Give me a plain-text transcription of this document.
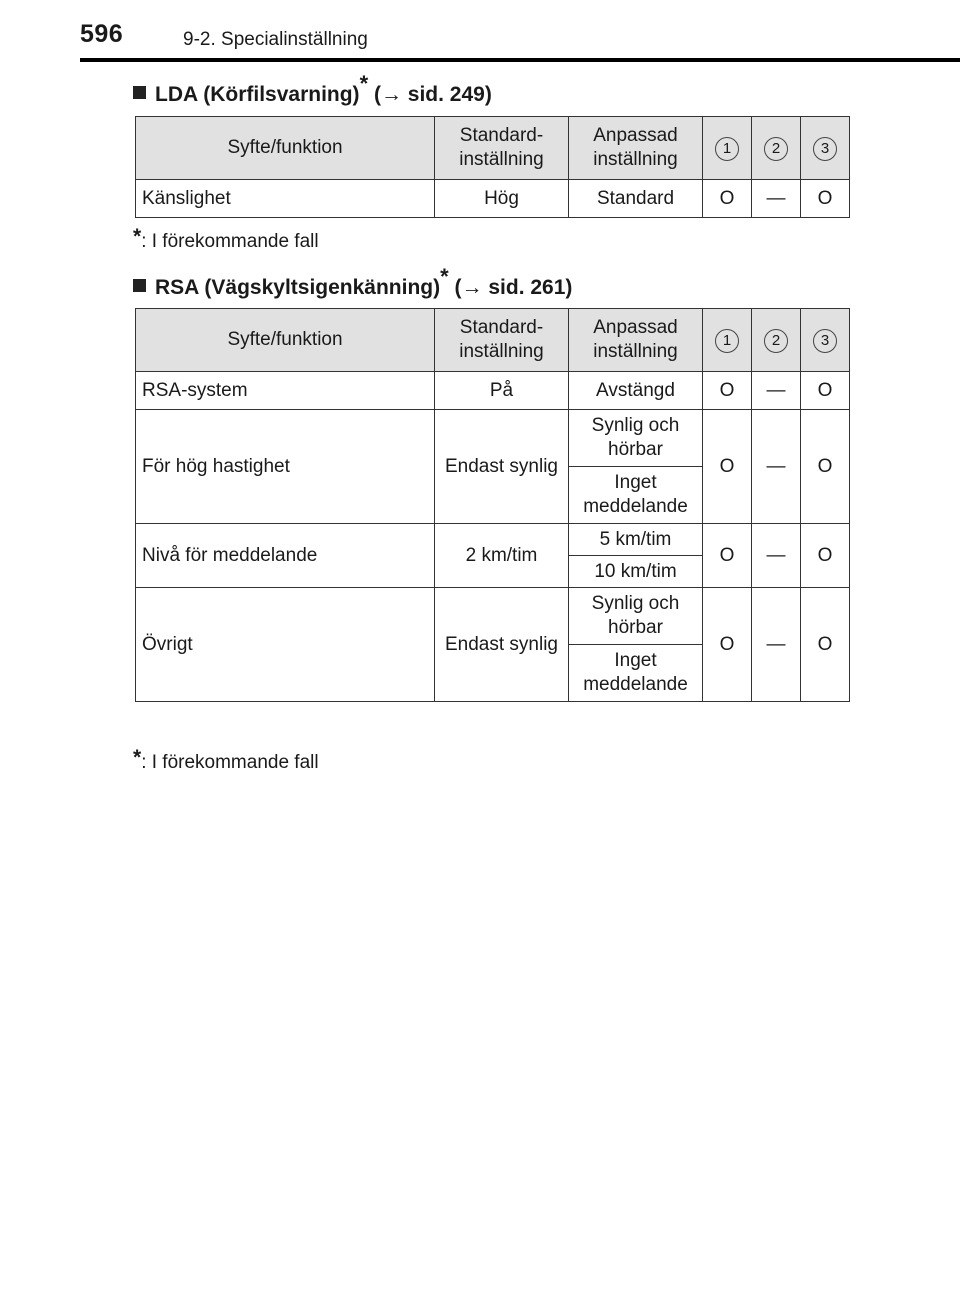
596	9-2. Specialinställning
LDA (Körfilsvarning)* (→ sid. 249)
Syfte/funktion	Standard-inställning	Anpassad inställning	1	2	3
Känslighet	Hög	Standard	O	—	O
*: I förekommande fall
RSA (Vägskyltsigenkänning)* (→ sid. 261)
Syfte/funktion	Standard-inställning	Anpassad inställning	1	2	3
RSA-system	På	Avstängd	O	—	O
För hög hastighet	Endast synlig	Synlig och hörbar	O	—	O
		Inget meddelande			
Nivå för meddelande	2 km/tim	5 km/tim	O	—	O
		10 km/tim			
Övrigt	Endast synlig	Synlig och hörbar	O	—	O
		Inget meddelande			
*: I förekommande fall
